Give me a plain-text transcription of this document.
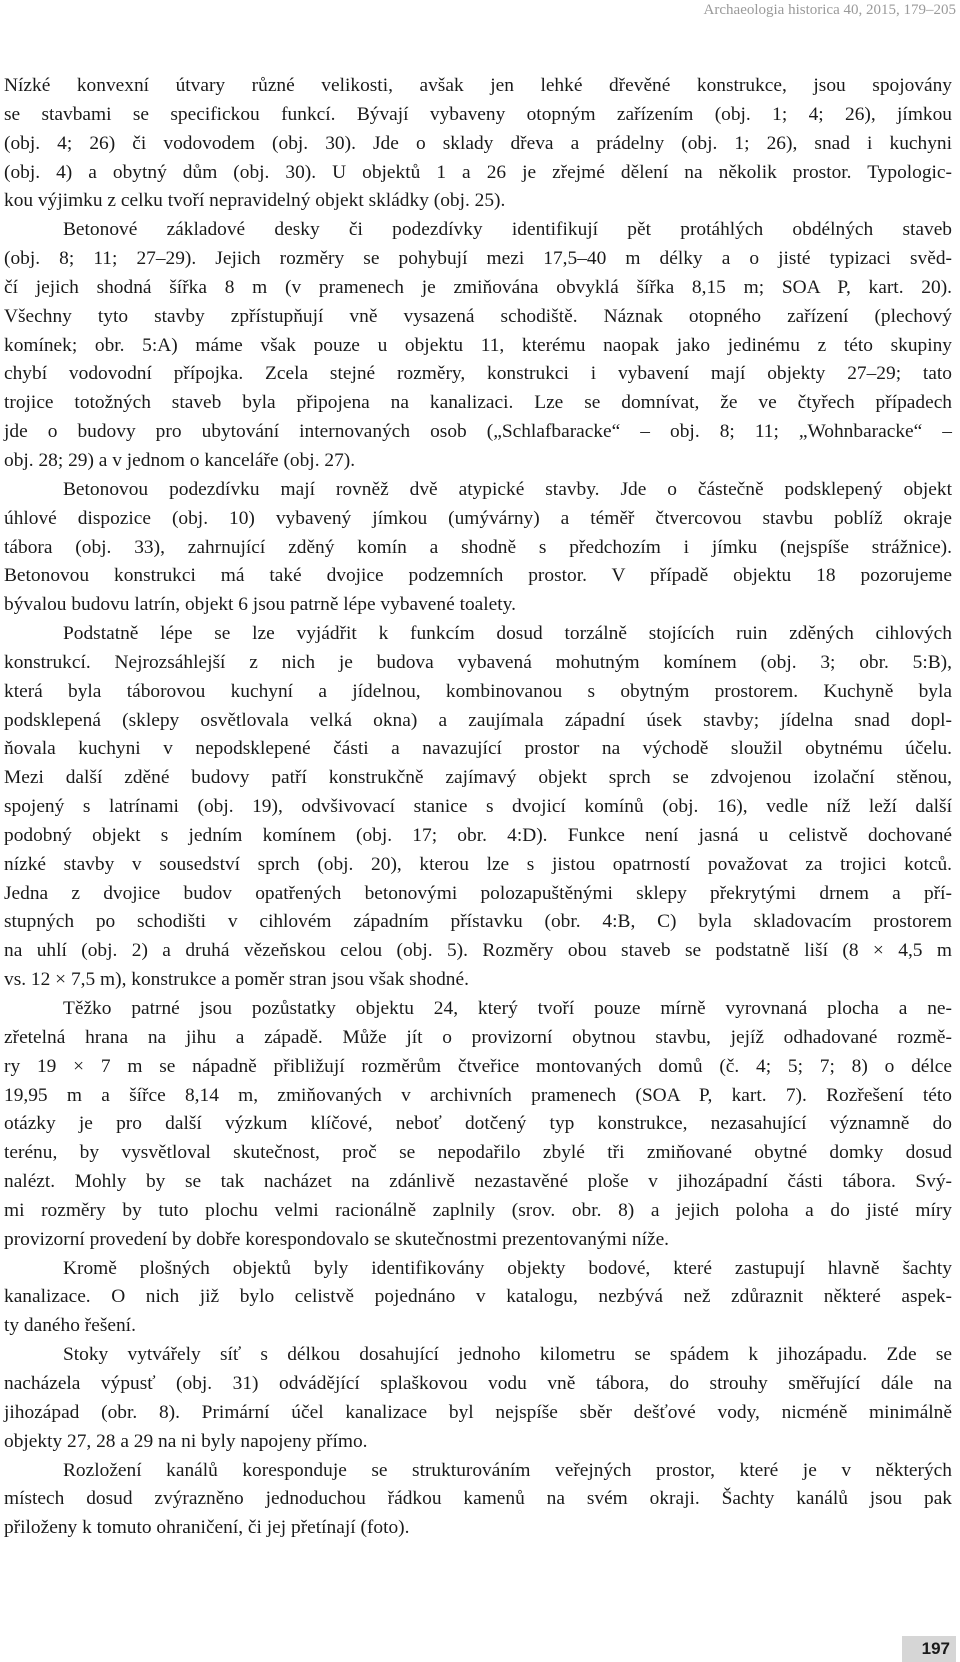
Archaeologia historica 40, 2015, 179–205
Nízké konvexní útvary různé velikosti, avšak jen lehké dřevěné konstrukce, jsou spojovány
se stavbami se specifickou funkcí. Bývají vybaveny otopným zařízením (obj. 1; 4; 26), jímkou
(obj. 4; 26) či vodovodem (obj. 30). Jde o sklady dřeva a prádelny (obj. 1; 26), snad i kuchyni
(obj. 4) a obytný dům (obj. 30). U objektů 1 a 26 je zřejmé dělení na několik prostor. Typologic-
kou výjimku z celku tvoří nepravidelný objekt skládky (obj. 25).
Betonové základové desky či podezdívky identifikují pět protáhlých obdélných staveb
(obj. 8; 11; 27–29). Jejich rozměry se pohybují mezi 17,5–40 m délky a o jisté typizaci svěd-
čí jejich shodná šířka 8 m (v pramenech je zmiňována obvyklá šířka 8,15 m; SOA P, kart. 20).
Všechny tyto stavby zpřístupňují vně vysazená schodiště. Náznak otopného zařízení (plechový
komínek; obr. 5:A) máme však pouze u objektu 11, kterému naopak jako jedinému z této skupiny
chybí vodovodní přípojka. Zcela stejné rozměry, konstrukci i vybavení mají objekty 27–29; tato
trojice totožných staveb byla připojena na kanalizaci. Lze se domnívat, že ve čtyřech případech
jde o budovy pro ubytování internovaných osob („Schlafbaracke“ – obj. 8; 11; „Wohnbaracke“ –
obj. 28; 29) a v jednom o kanceláře (obj. 27).
Betonovou podezdívku mají rovněž dvě atypické stavby. Jde o částečně podsklepený objekt
úhlové dispozice (obj. 10) vybavený jímkou (umývárny) a téměř čtvercovou stavbu poblíž okraje
tábora (obj. 33), zahrnující zděný komín a shodně s předchozím i jímku (nejspíše strážnice).
Betonovou konstrukci má také dvojice podzemních prostor. V případě objektu 18 pozorujeme
bývalou budovu latrín, objekt 6 jsou patrně lépe vybavené toalety.
Podstatně lépe se lze vyjádřit k funkcím dosud torzálně stojících ruin zděných cihlových
konstrukcí. Nejrozsáhlejší z nich je budova vybavená mohutným komínem (obj. 3; obr. 5:B),
která byla táborovou kuchyní a jídelnou, kombinovanou s obytným prostorem. Kuchyně byla
podsklepená (sklepy osvětlovala velká okna) a zaujímala západní úsek stavby; jídelna snad dopl-
ňovala kuchyni v nepodsklepené části a navazující prostor na východě sloužil obytnému účelu.
Mezi další zděné budovy patří konstrukčně zajímavý objekt sprch se zdvojenou izolační stěnou,
spojený s latrínami (obj. 19), odvšivovací stanice s dvojicí komínů (obj. 16), vedle níž leží další
podobný objekt s jedním komínem (obj. 17; obr. 4:D). Funkce není jasná u celistvě dochované
nízké stavby v sousedství sprch (obj. 20), kterou lze s jistou opatrností považovat za trojici kotců.
Jedna z dvojice budov opatřených betonovými polozapuštěnými sklepy překrytými drnem a pří-
stupných po schodišti v cihlovém západním přístavku (obr. 4:B, C) byla skladovacím prostorem
na uhlí (obj. 2) a druhá vězeňskou celou (obj. 5). Rozměry obou staveb se podstatně liší (8 × 4,5 m
vs. 12 × 7,5 m), konstrukce a poměr stran jsou však shodné.
Těžko patrné jsou pozůstatky objektu 24, který tvoří pouze mírně vyrovnaná plocha a ne-
zřetelná hrana na jihu a západě. Může jít o provizorní obytnou stavbu, jejíž odhadované rozmě-
ry 19 × 7 m se nápadně přibližují rozměrům čtveřice montovaných domů (č. 4; 5; 7; 8) o délce
19,95 m a šířce 8,14 m, zmiňovaných v archivních pramenech (SOA P, kart. 7). Rozřešení této
otázky je pro další výzkum klíčové, neboť dotčený typ konstrukce, nezasahující významně do
terénu, by vysvětloval skutečnost, proč se nepodařilo zbylé tři zmiňované obytné domky dosud
nalézt. Mohly by se tak nacházet na zdánlivě nezastavěné ploše v jihozápadní části tábora. Svý-
mi rozměry by tuto plochu velmi racionálně zaplnily (srov. obr. 8) a jejich poloha a do jisté míry
provizorní provedení by dobře korespondovalo se skutečnostmi prezentovanými níže.
Kromě plošných objektů byly identifikovány objekty bodové, které zastupují hlavně šachty
kanalizace. O nich již bylo celistvě pojednáno v katalogu, nezbývá než zdůraznit některé aspek-
ty daného řešení.
Stoky vytvářely síť s délkou dosahující jednoho kilometru se spádem k jihozápadu. Zde se
nacházela výpusť (obj. 31) odvádějící splaškovou vodu vně tábora, do strouhy směřující dále na
jihozápad (obr. 8). Primární účel kanalizace byl nejspíše sběr dešťové vody, nicméně minimálně
objekty 27, 28 a 29 na ni byly napojeny přímo.
Rozložení kanálů koresponduje se strukturováním veřejných prostor, které je v některých
místech dosud zvýrazněno jednoduchou řádkou kamenů na svém okraji. Šachty kanálů jsou pak
přiloženy k tomuto ohraničení, či jej přetínají (foto).
197
